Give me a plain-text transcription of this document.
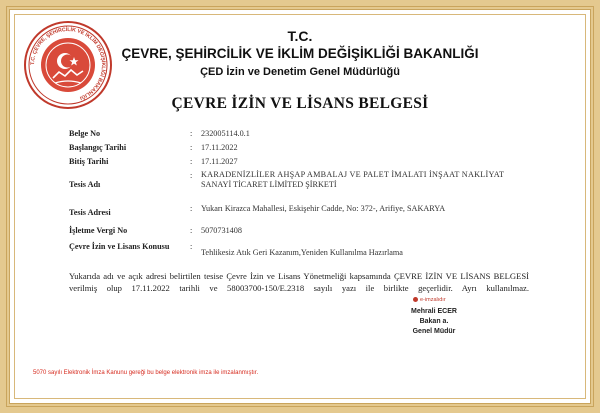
T.C. ÇEVRE, ŞEHİRCİLİK VE İKLİM DEĞİŞİKLİĞİ BAKANLIĞI
T.C.
ÇEVRE, ŞEHİRCİLİK VE İKLİM DEĞİŞİKLİĞİ BAKANLIĞI
ÇED İzin ve Denetim Genel Müdürlüğü
ÇEVRE İZİN VE LİSANS BELGESİ
Belge No	: 232005114.0.1
Başlangıç Tarihi	: 17.11.2022
Bitiş Tarihi	: 17.11.2027
Tesis Adı
: KARADENİZLİLER AHŞAP AMBALAJ VE PALET İMALATI İNŞAAT NAKLİYAT
SANAYİ TİCARET LİMİTED ŞİRKETİ
Tesis Adresi	: Yukarı Kirazca Mahallesi, Eskişehir Cadde, No: 372-, Arifiye, SAKARYA
İşletme Vergi No	: 5070731408
Çevre İzin ve Lisans Konusu	:
Tehlikesiz Atık Geri Kazanım,Yeniden Kullanılma Hazırlama
Yukarıda adı ve açık adresi belirtilen tesise Çevre İzin ve Lisans Yönetmeliği kapsamında ÇEVRE İZİN VE LİSANS BELGESİ
verilmiş olup 17.11.2022 tarihli ve 58003700-150/E.2318 sayılı yazı ile birlikte geçerlidir. Ayrı kullanılmaz.
e-imzalıdır
Mehrali ECER
Bakan a.
Genel Müdür
5070 sayılı Elektronik İmza Kanunu gereği bu belge elektronik imza ile imzalanmıştır.
